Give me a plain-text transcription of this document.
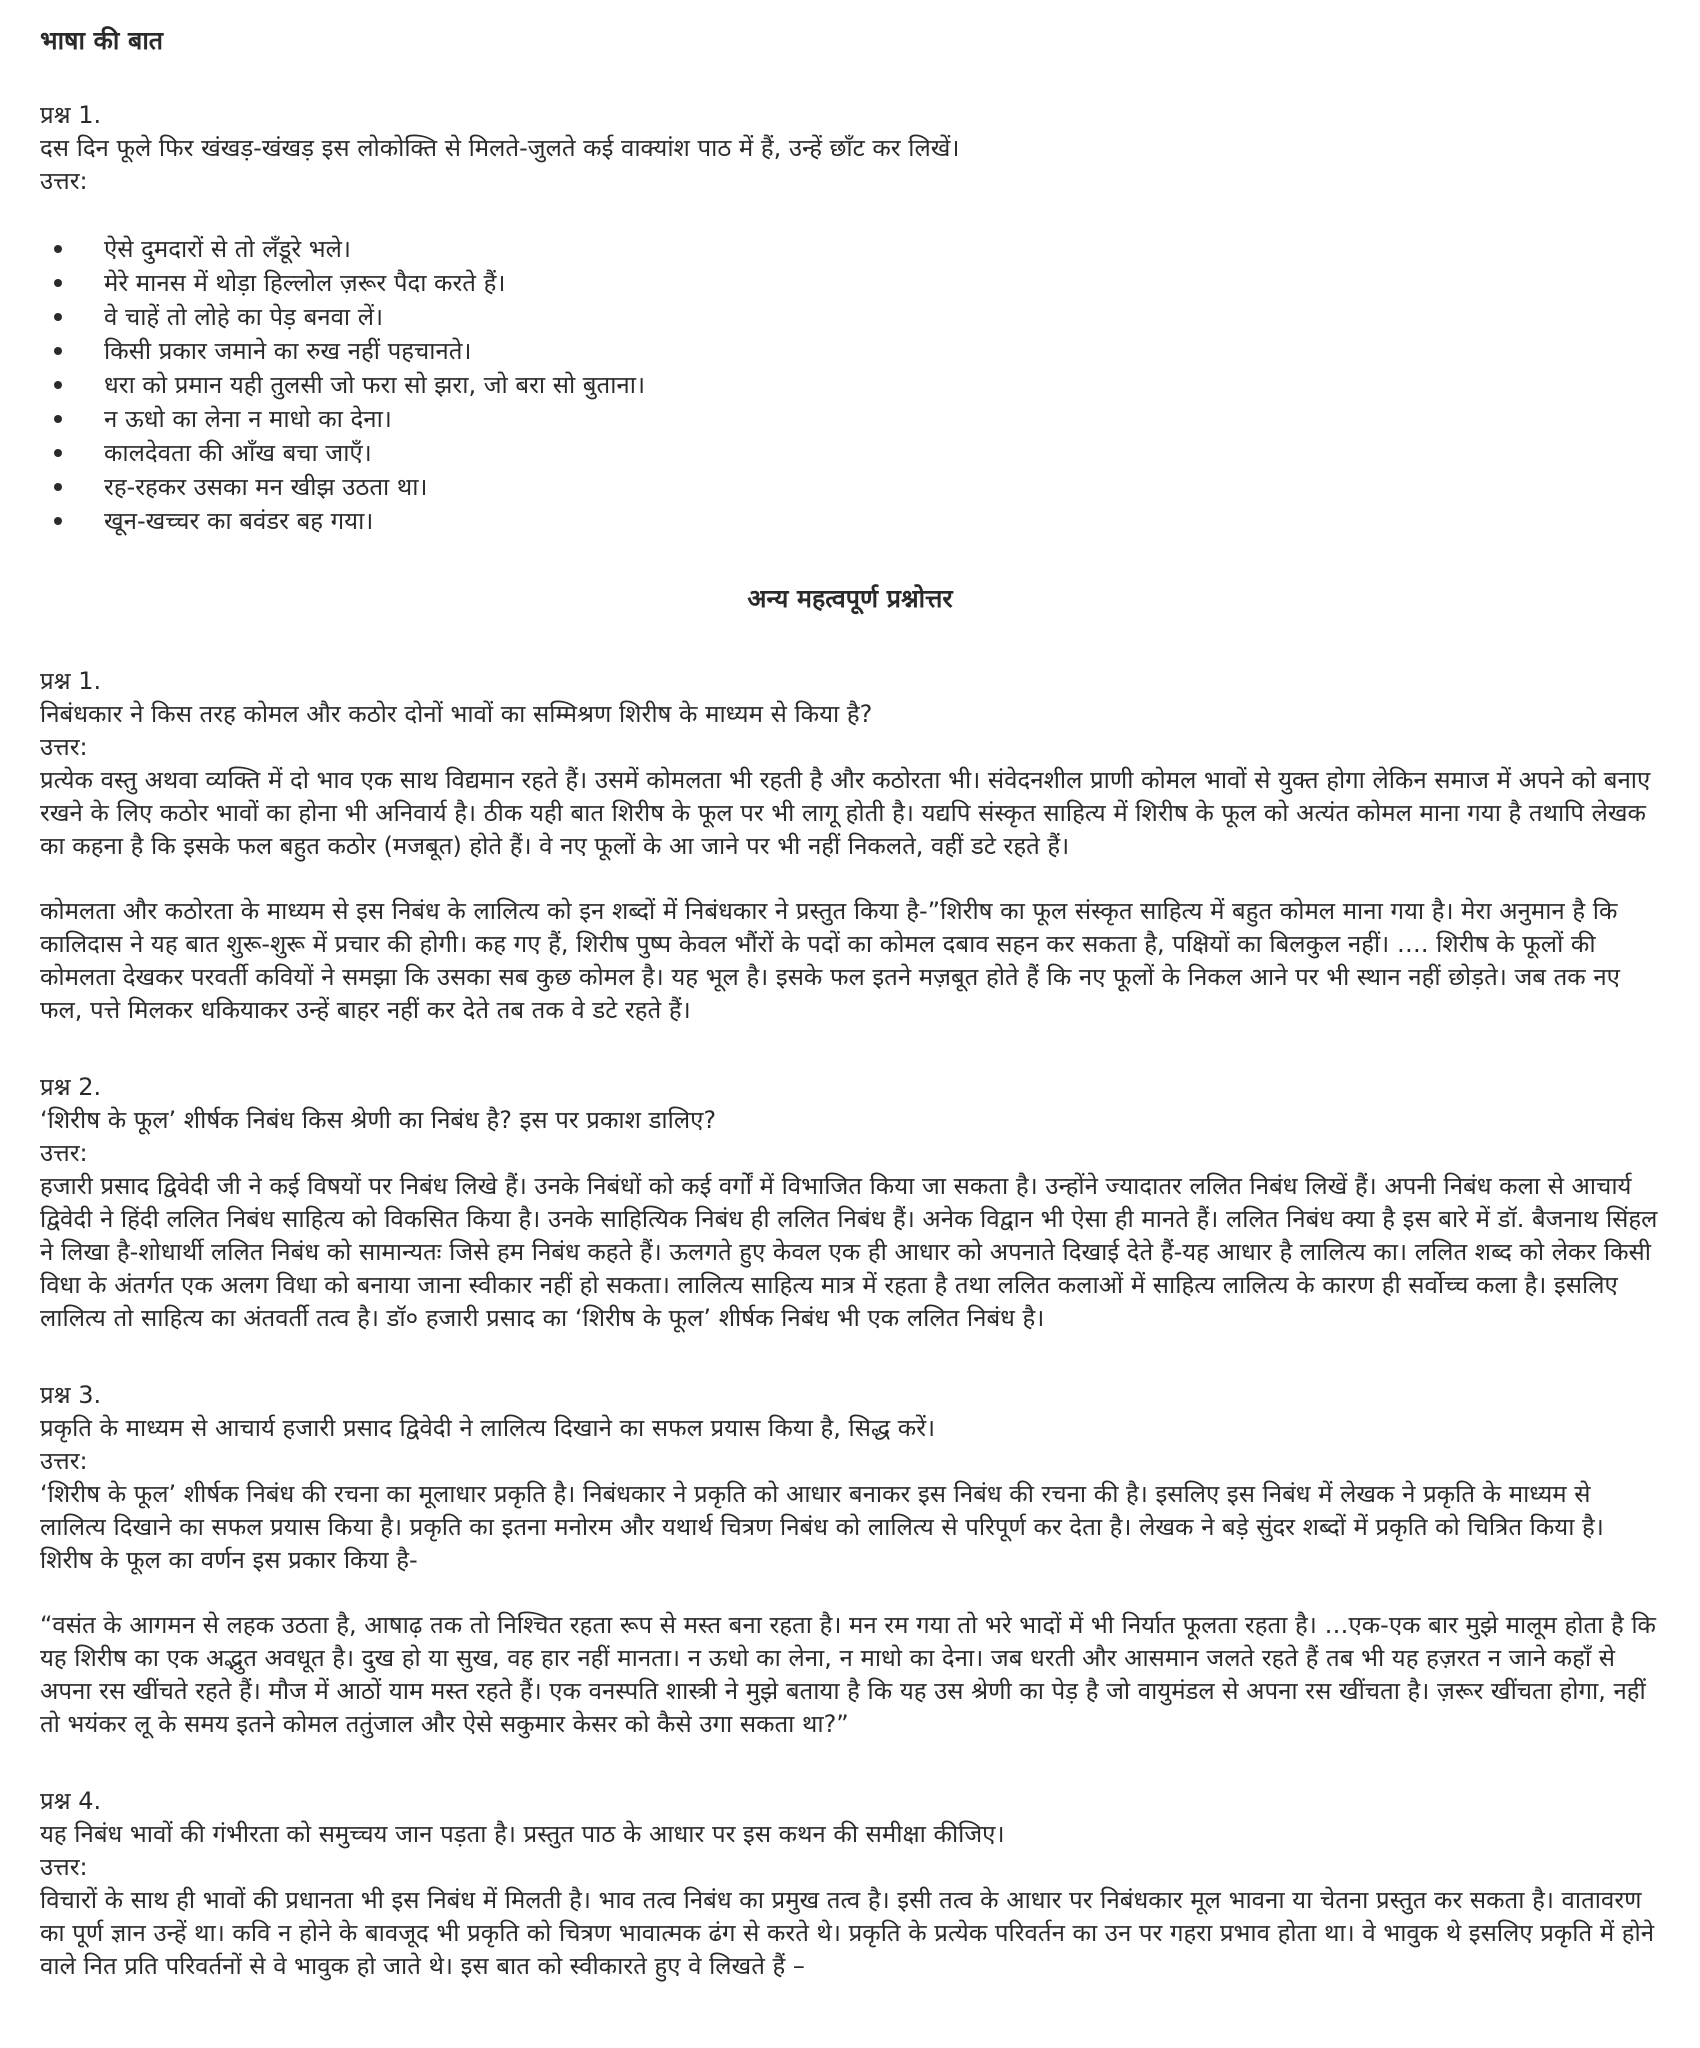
भाषा की बात
प्रश्न 1.
दस दिन फूले फिर खंखड़-खंखड़ इस लोकोक्ति से मिलते-जुलते कई वाक्यांश पाठ में हैं, उन्हें छाँट कर लिखें।
उत्तर:
ऐसे दुमदारों से तो लँडूरे भले।
मेरे मानस में थोड़ा हिल्लोल ज़रूर पैदा करते हैं।
वे चाहें तो लोहे का पेड़ बनवा लें।
किसी प्रकार जमाने का रुख नहीं पहचानते।
धरा को प्रमान यही तुलसी जो फरा सो झरा, जो बरा सो बुताना।
न ऊधो का लेना न माधो का देना।
कालदेवता की आँख बचा जाएँ।
रह-रहकर उसका मन खीझ उठता था।
खून-खच्चर का बवंडर बह गया।
अन्य महत्वपूर्ण प्रश्नोत्तर
प्रश्न 1.
निबंधकार ने किस तरह कोमल और कठोर दोनों भावों का सम्मिश्रण शिरीष के माध्यम से किया है?
उत्तर:

प्रत्येक वस्तु अथवा व्यक्ति में दो भाव एक साथ विद्यमान रहते हैं। उसमें कोमलता भी रहती है और कठोरता भी। संवेदनशील प्राणी कोमल भावों से युक्त होगा लेकिन समाज में अपने को बनाए रखने के लिए कठोर भावों का होना भी अनिवार्य है। ठीक यही बात शिरीष के फूल पर भी लागू होती है। यद्यपि संस्कृत साहित्य में शिरीष के फूल को अत्यंत कोमल माना गया है तथापि लेखक का कहना है कि इसके फल बहुत कठोर (मजबूत) होते हैं। वे नए फूलों के आ जाने पर भी नहीं निकलते, वहीं डटे रहते हैं।

कोमलता और कठोरता के माध्यम से इस निबंध के लालित्य को इन शब्दों में निबंधकार ने प्रस्तुत किया है-”शिरीष का फूल संस्कृत साहित्य में बहुत कोमल माना गया है। मेरा अनुमान है कि कालिदास ने यह बात शुरू-शुरू में प्रचार की होगी। कह गए हैं, शिरीष पुष्प केवल भौंरों के पदों का कोमल दबाव सहन कर सकता है, पक्षियों का बिलकुल नहीं। …. शिरीष के फूलों की कोमलता देखकर परवर्ती कवियों ने समझा कि उसका सब कुछ कोमल है। यह भूल है। इसके फल इतने मज़बूत होते हैं कि नए फूलों के निकल आने पर भी स्थान नहीं छोड़ते। जब तक नए फल, पत्ते मिलकर धकियाकर उन्हें बाहर नहीं कर देते तब तक वे डटे रहते हैं।

प्रश्न 2.
‘शिरीष के फूल’ शीर्षक निबंध किस श्रेणी का निबंध है? इस पर प्रकाश डालिए?
उत्तर:

हजारी प्रसाद द्विवेदी जी ने कई विषयों पर निबंध लिखे हैं। उनके निबंधों को कई वर्गों में विभाजित किया जा सकता है। उन्होंने ज्यादातर ललित निबंध लिखें हैं। अपनी निबंध कला से आचार्य द्विवेदी ने हिंदी ललित निबंध साहित्य को विकसित किया है। उनके साहित्यिक निबंध ही ललित निबंध हैं। अनेक विद्वान भी ऐसा ही मानते हैं। ललित निबंध क्या है इस बारे में डॉ. बैजनाथ सिंहल ने लिखा है-शोधार्थी ललित निबंध को सामान्यतः जिसे हम निबंध कहते हैं। ऊलगते हुए केवल एक ही आधार को अपनाते दिखाई देते हैं-यह आधार है लालित्य का। ललित शब्द को लेकर किसी विधा के अंतर्गत एक अलग विधा को बनाया जाना स्वीकार नहीं हो सकता। लालित्य साहित्य मात्र में रहता है तथा ललित कलाओं में साहित्य लालित्य के कारण ही सर्वोच्च कला है। इसलिए लालित्य तो साहित्य का अंतवर्ती तत्व है। डॉ० हजारी प्रसाद का ‘शिरीष के फूल’ शीर्षक निबंध भी एक ललित निबंध है।

प्रश्न 3.
प्रकृति के माध्यम से आचार्य हजारी प्रसाद द्विवेदी ने लालित्य दिखाने का सफल प्रयास किया है, सिद्ध करें।
उत्तर:

‘शिरीष के फूल’ शीर्षक निबंध की रचना का मूलाधार प्रकृति है। निबंधकार ने प्रकृति को आधार बनाकर इस निबंध की रचना की है। इसलिए इस निबंध में लेखक ने प्रकृति के माध्यम से लालित्य दिखाने का सफल प्रयास किया है। प्रकृति का इतना मनोरम और यथार्थ चित्रण निबंध को लालित्य से परिपूर्ण कर देता है। लेखक ने बड़े सुंदर शब्दों में प्रकृति को चित्रित किया है। शिरीष के फूल का वर्णन इस प्रकार किया है-

“वसंत के आगमन से लहक उठता है, आषाढ़ तक तो निश्चित रहता रूप से मस्त बना रहता है। मन रम गया तो भरे भादों में भी निर्यात फूलता रहता है। …एक-एक बार मुझे मालूम होता है कि यह शिरीष का एक अद्भुत अवधूत है। दुख हो या सुख, वह हार नहीं मानता। न ऊधो का लेना, न माधो का देना। जब धरती और आसमान जलते रहते हैं तब भी यह हज़रत न जाने कहाँ से अपना रस खींचते रहते हैं। मौज में आठों याम मस्त रहते हैं। एक वनस्पति शास्त्री ने मुझे बताया है कि यह उस श्रेणी का पेड़ है जो वायुमंडल से अपना रस खींचता है। ज़रूर खींचता होगा, नहीं तो भयंकर लू के समय इतने कोमल ततुंजाल और ऐसे सकुमार केसर को कैसे उगा सकता था?”

प्रश्न 4.
यह निबंध भावों की गंभीरता को समुच्चय जान पड़ता है। प्रस्तुत पाठ के आधार पर इस कथन की समीक्षा कीजिए।
उत्तर:

विचारों के साथ ही भावों की प्रधानता भी इस निबंध में मिलती है। भाव तत्व निबंध का प्रमुख तत्व है। इसी तत्व के आधार पर निबंधकार मूल भावना या चेतना प्रस्तुत कर सकता है। वातावरण का पूर्ण ज्ञान उन्हें था। कवि न होने के बावजूद भी प्रकृति को चित्रण भावात्मक ढंग से करते थे। प्रकृति के प्रत्येक परिवर्तन का उन पर गहरा प्रभाव होता था। वे भावुक थे इसलिए प्रकृति में होने वाले नित प्रति परिवर्तनों से वे भावुक हो जाते थे। इस बात को स्वीकारते हुए वे लिखते हैं –
